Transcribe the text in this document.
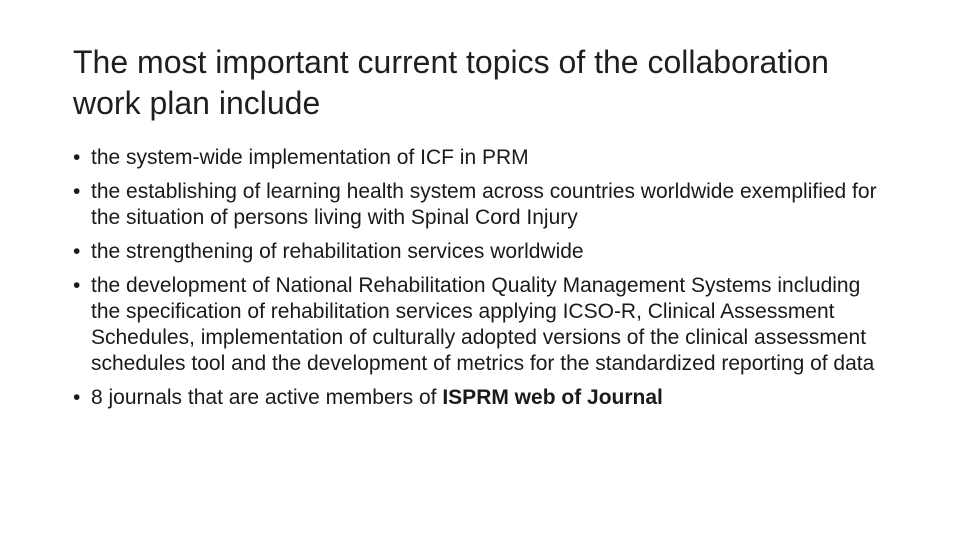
The most important current topics of the collaboration work plan include
• the system-wide implementation of ICF in PRM
• the establishing of learning health system across countries worldwide exemplified for the situation of persons living with Spinal Cord Injury
• the strengthening of rehabilitation services worldwide
• the development of National Rehabilitation Quality Management Systems including the specification of rehabilitation services applying ICSO-R, Clinical Assessment Schedules, implementation of culturally adopted versions of the clinical assessment schedules tool and the development of metrics for the standardized reporting of data
• 8 journals that are active members of ISPRM web of Journal
